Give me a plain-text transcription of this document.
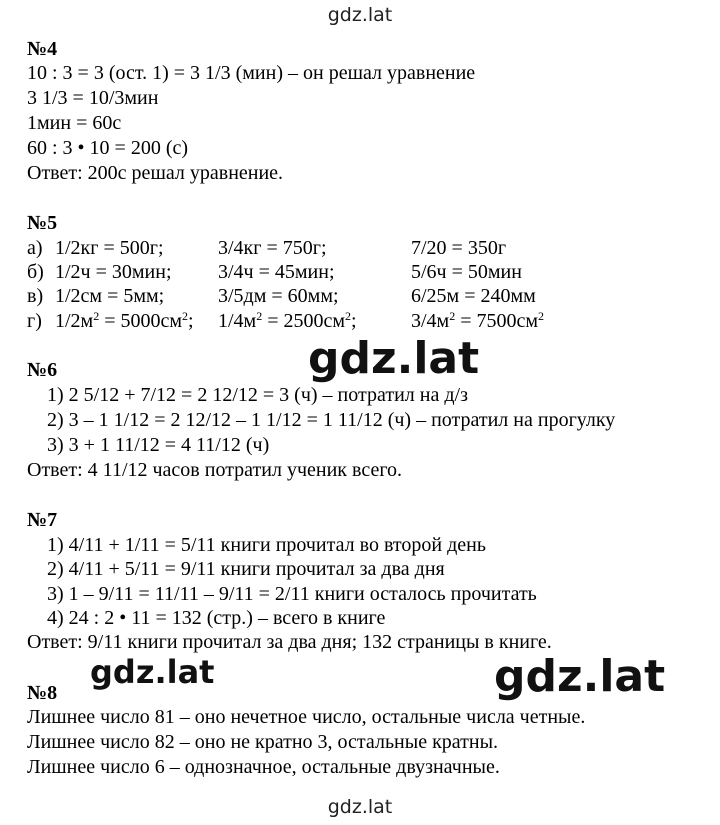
gdz.lat
№4
10 : 3 = 3 (ост. 1) = 3 1/3 (мин) – он решал уравнение
3 1/3 = 10/3мин
1мин = 60с
60 : 3 • 10 = 200 (с)
Ответ: 200с решал уравнение.
№5
а) 1/2кг = 500г;	3/4кг = 750г;	7/20 = 350г
б) 1/2ч = 30мин; 3/4ч = 45мин;	5/6ч = 50мин
в) 1/2см = 5мм;	3/5дм = 60мм;	6/25м = 240мм
г) $1/2м^2 = 5000см^2$; $1/4м^2 = 2500см^2$;	$3/4м^2 = 7500см^2$
№6
1) 2 5/12 + 7/12 = 2 12/12 = 3 (ч) – потратил на д/з
2) 3 – 1 1/12 = 2 12/12 – 1 1/12 = 1 11/12 (ч) – потратил на прогулку
3) 3 + 1 11/12 = 4 11/12 (ч)
Ответ: 4 11/12 часов потратил ученик всего.
№7
1) 4/11 + 1/11 = 5/11 книги прочитал во второй день
2) 4/11 + 5/11 = 9/11 книги прочитал за два дня
3) 1 – 9/11 = 11/11 – 9/11 = 2/11 книги осталось прочитать
4) 24 : 2 • 11 = 132 (стр.) – всего в книге
Ответ: 9/11 книги прочитал за два дня; 132 страницы в книге.
№8
Лишнее число 81 – оно нечетное число, остальные числа четные.
Лишнее число 82 – оно не кратно 3, остальные кратны.
Лишнее число 6 – однозначное, остальные двузначные.
gdz.lat
gdz.lat	gdz.lat
gdz.lat
